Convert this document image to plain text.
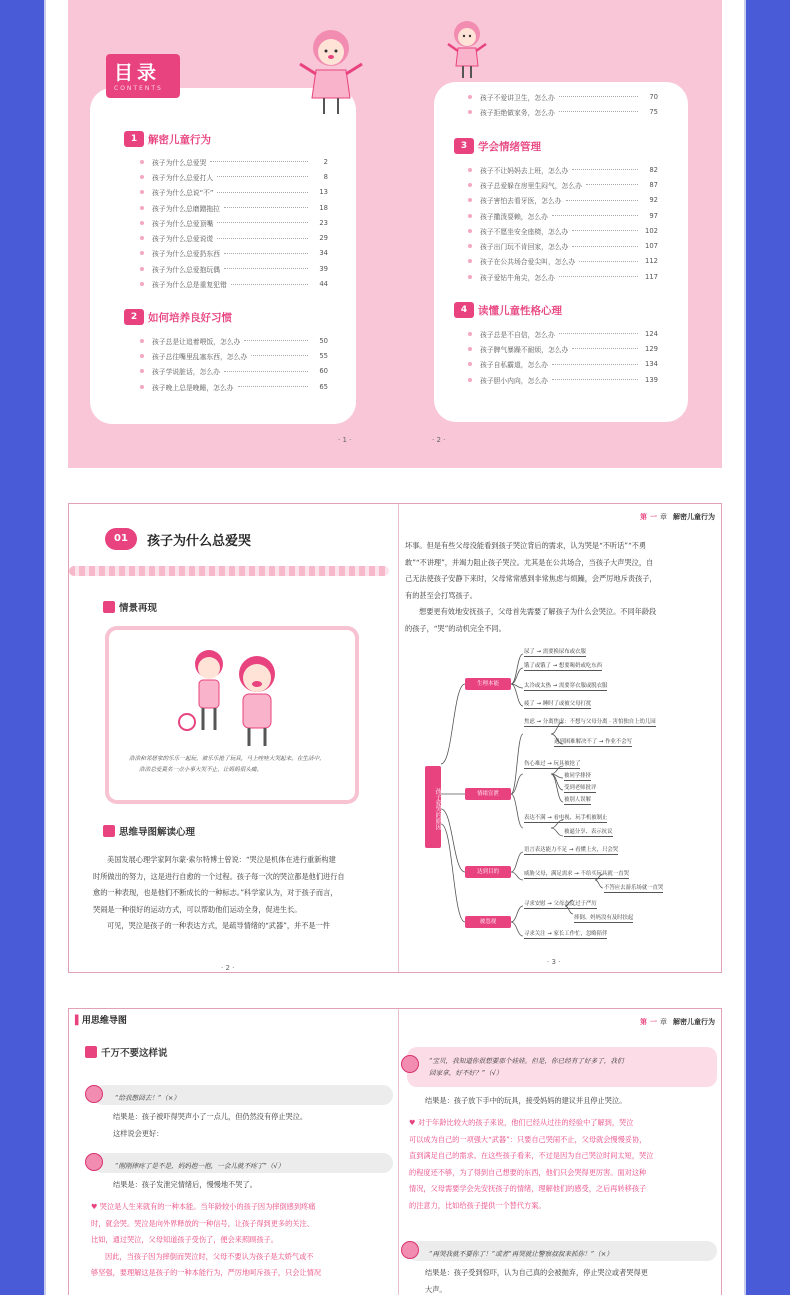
目录
CONTENTS
1	解密儿童行为
孩子为什么总爱哭	2
孩子为什么总爱打人	8
孩子为什么总说“不”	13
孩子为什么总磨蹭拖拉	18
孩子为什么总爱顶嘴	23
孩子为什么总爱说谎	29
孩子为什么总爱扔东西	34
孩子为什么总爱抱玩偶	39
孩子为什么总是重复犯错	44
2	如何培养良好习惯
孩子总是让追着喂饭，怎么办	50
孩子总往嘴里乱塞东西，怎么办	55
孩子学说脏话，怎么办	60
孩子晚上总是晚睡，怎么办	65
孩子不爱讲卫生，怎么办	70
孩子拒绝做家务，怎么办	75
3	学会情绪管理
孩子不让妈妈去上班，怎么办	82
孩子总爱躲在房里生闷气，怎么办	87
孩子害怕去看牙医，怎么办	92
孩子撒泼耍赖，怎么办	97
孩子不愿坐安全座椅，怎么办	102
孩子出门玩不肯回家，怎么办	107
孩子在公共场合爱尖叫，怎么办	112
孩子爱钻牛角尖，怎么办	117
4	读懂儿童性格心理
孩子总是不自信，怎么办	124
孩子脾气暴躁不耐烦，怎么办	129
孩子自私霸道，怎么办	134
孩子胆小内向，怎么办	139
· 1 ·	· 2 ·
01	孩子为什么总爱哭
情景再现
浩浩和邻居家的乐乐一起玩，被乐乐抢了玩具，马上哇哇大哭起来。在生活中，
浩浩总爱莫名一点小事大哭不止，让妈妈很头痛。
思维导图解读心理
美国发展心理学家阿尔蒙·索尔特博士曾说：“哭泣是机体在进行重新构建
时所做出的努力，这是进行自愈的一个过程。孩子每一次的哭泣都是他们进行自
愈的一种表现，也是他们不断成长的一种标志。”科学家认为，对于孩子而言，
哭闹是一种很好的运动方式，可以帮助他们运动全身，促进生长。
可见，哭泣是孩子的一种表达方式，是疏导情绪的“武器”，并不是一件
· 2 ·
第 一 章 解密儿童行为
坏事。但是有些父母没能看到孩子哭泣背后的需求，认为哭是“不听话”“不勇
敢”“不讲理”，并竭力阻止孩子哭泣。尤其是在公共场合，当孩子大声哭泣，自
己无法使孩子安静下来时，父母常常感到非常焦虑与烦躁，会严厉地斥责孩子，
有的甚至会打骂孩子。
想要更有效地安抚孩子，父母首先需要了解孩子为什么会哭泣。不同年龄段
的孩子，“哭”的动机完全不同。
孩子爱哭的原因
生理本能
情绪宣泄
达到目的
被忽视
尿了 → 需要换尿布或衣服
饿了或饿了 → 想要喝奶或吃东西
太冷或太热 → 需要穿衣服或脱衣服
疲了 → 睡时了或被父母打扰
焦虑 → 分离焦虑：不想与父母分离 · 害怕独自上幼儿园
遇到困难解决不了 → 作业不会写
伤心难过 → 玩具被抢了
被同学排挤
受到老师批评
被别人误解
表达不满 → 看电视、玩手机被制止
被逼分享、表示抗议
语言表达能力不足 → 看懂上火，只会哭
威胁父母，满足需求 → 不给买玩具就一直哭
不答应去游乐场就一直哭
寻求安慰 → 父母态度过于严厉
摔倒、妈妈没有及时扶起
寻求关注 → 家长工作忙，忽略陪伴
· 3 ·
▌用思维导图
千万不要这样说
“给我憋回去！”（×）
结果是：孩子被吓得哭声小了一点儿，但仍然没有停止哭泣。
这样说会更好：
“刚刚摔疼了是不是，妈妈抱一抱，一会儿就不疼了”（√）
结果是：孩子发泄完情绪后，慢慢地不哭了。
♥ 哭泣是人生来就有的一种本能。当年龄较小的孩子因为摔倒感到疼痛
时，就会哭。哭泣是向外界释放的一种信号，让孩子得到更多的关注、
比如，通过哭泣，父母知道孩子受伤了，便会来照顾孩子。
因此，当孩子因为摔倒而哭泣时，父母不要认为孩子是太娇气或不
够坚强，要理解这是孩子的一种本能行为，严厉地呵斥孩子，只会让情况
第 一 章 解密儿童行为
“宝贝，我知道你很想要那个娃娃。但是，你已经有了好多了，我们
回家拿，好不好？”（√）
结果是：孩子放下手中的玩具，接受妈妈的建议并且停止哭泣。
♥ 对于年龄比较大的孩子来说，他们已经从过往的经验中了解到，哭泣
可以成为自己的一项强大“武器”：只要自己哭闹不止，父母就会慢慢妥协，
直到满足自己的需求。在这些孩子看来，不过是因为自己哭泣时间太短，哭泣
的程度还不够，为了得到自己想要的东西，他们只会哭得更厉害。面对这种
情况，父母需要学会先安抚孩子的情绪，理解他们的感受，之后再转移孩子
的注意力，比如给孩子提供一个替代方案。
“再哭我就不要你了！”或者“再哭就让警察叔叔来抓你！”（×）
结果是：孩子受到惊吓，认为自己真的会被抛弃，停止哭泣或者哭得更
大声。
